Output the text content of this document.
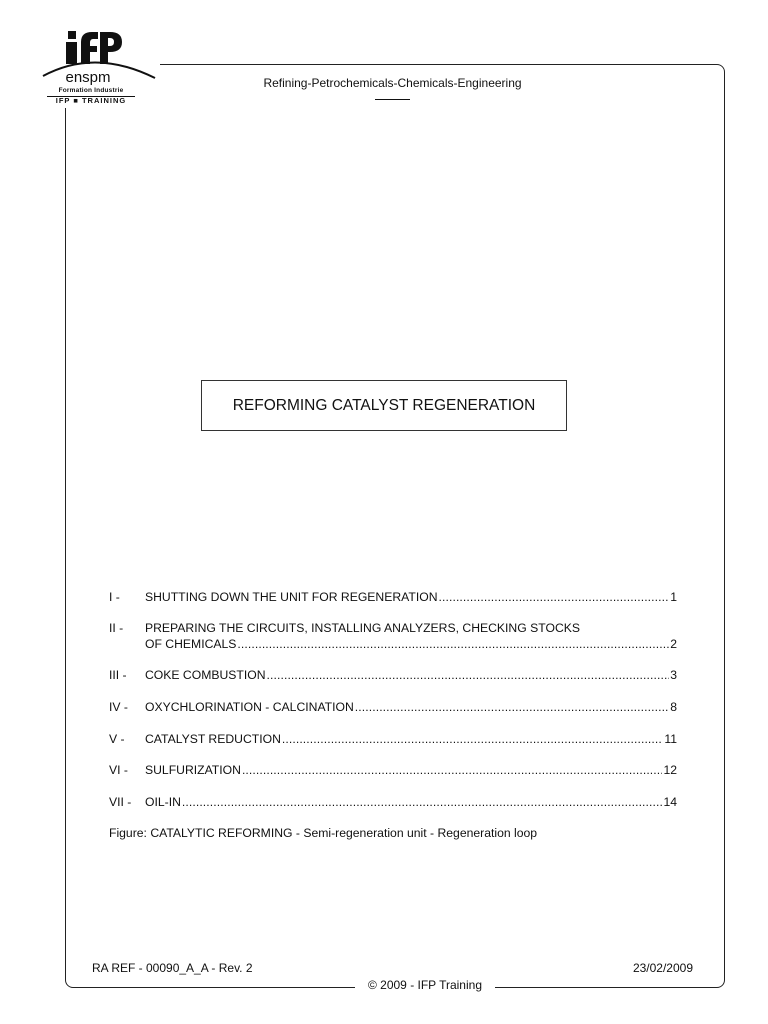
enspm
Formation Industrie
IFP ■ TRAINING
Refining-Petrochemicals-Chemicals-Engineering
REFORMING CATALYST REGENERATION
I - SHUTTING DOWN THE UNIT FOR REGENERATION .....	1
II - PREPARING THE CIRCUITS, INSTALLING ANALYZERS, CHECKING STOCKS
OF CHEMICALS .....	2
III - COKE COMBUSTION .....	3
IV - OXYCHLORINATION - CALCINATION .....	8
V - CATALYST REDUCTION .....	11
VI - SULFURIZATION .....	12
VII - OIL-IN .....	14
Figure: CATALYTIC REFORMING - Semi-regeneration unit - Regeneration loop
RA REF - 00090_A_A - Rev. 2	23/02/2009
© 2009 - IFP Training
